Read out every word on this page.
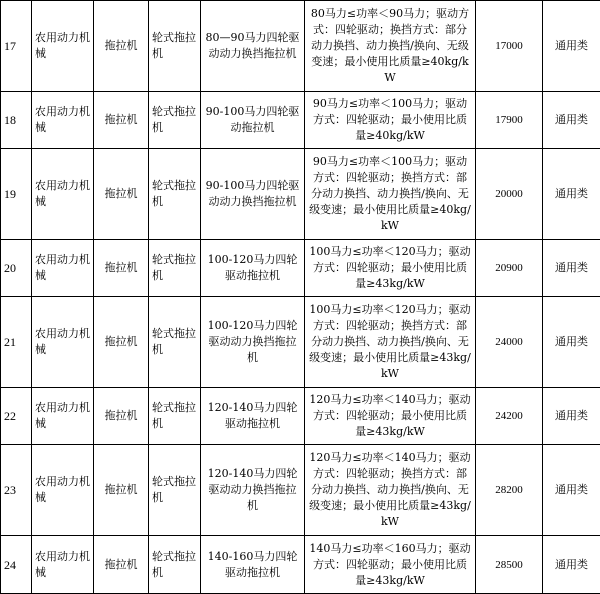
17	农用动力机械	拖拉机	轮式拖拉机	80—90马力四轮驱动动力换挡拖拉机	80马力≤功率＜90马力；驱动方式：四轮驱动；换挡方式：部分动力换挡、动力换挡/换向、无级变速；最小使用比质量≥40kg/kW	17000	通用类
18	农用动力机械	拖拉机	轮式拖拉机	90-100马力四轮驱动拖拉机	90马力≤功率＜100马力；驱动方式：四轮驱动；最小使用比质量≥40kg/kW	17900	通用类
19	农用动力机械	拖拉机	轮式拖拉机	90-100马力四轮驱动动力换挡拖拉机	90马力≤功率＜100马力；驱动方式：四轮驱动；换挡方式：部分动力换挡、动力换挡/换向、无级变速；最小使用比质量≥40kg/kW	20000	通用类
20	农用动力机械	拖拉机	轮式拖拉机	100-120马力四轮驱动拖拉机	100马力≤功率＜120马力；驱动方式：四轮驱动；最小使用比质量≥43kg/kW	20900	通用类
21	农用动力机械	拖拉机	轮式拖拉机	100-120马力四轮驱动动力换挡拖拉机	100马力≤功率＜120马力；驱动方式：四轮驱动；换挡方式：部分动力换挡、动力换挡/换向、无级变速；最小使用比质量≥43kg/kW	24000	通用类
22	农用动力机械	拖拉机	轮式拖拉机	120-140马力四轮驱动拖拉机	120马力≤功率＜140马力；驱动方式：四轮驱动；最小使用比质量≥43kg/kW	24200	通用类
23	农用动力机械	拖拉机	轮式拖拉机	120-140马力四轮驱动动力换挡拖拉机	120马力≤功率＜140马力；驱动方式：四轮驱动；换挡方式：部分动力换挡、动力换挡/换向、无级变速；最小使用比质量≥43kg/kW	28200	通用类
24	农用动力机械	拖拉机	轮式拖拉机	140-160马力四轮驱动拖拉机	140马力≤功率＜160马力；驱动方式：四轮驱动；最小使用比质量≥43kg/kW	28500	通用类
